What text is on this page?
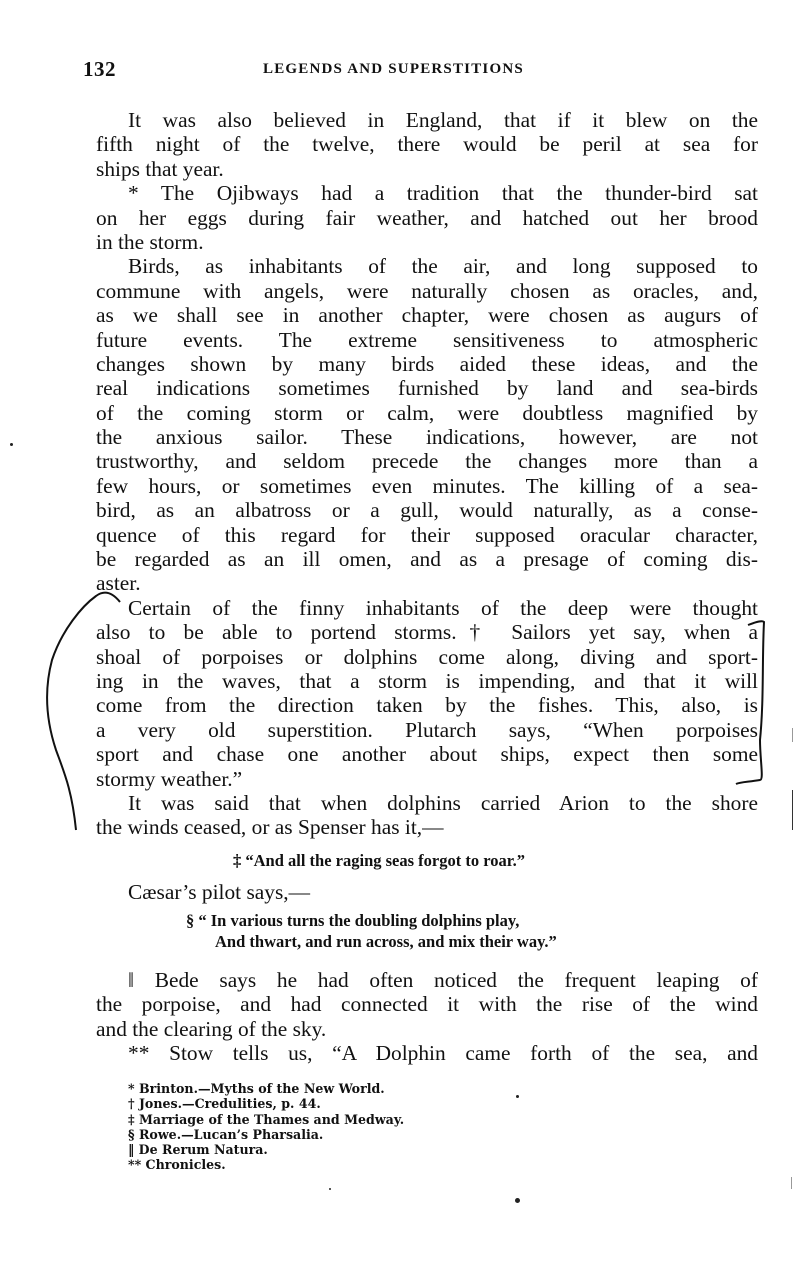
132	LEGENDS AND SUPERSTITIONS
It was also believed in England, that if it blew on the
fifth night of the twelve, there would be peril at sea for
ships that year.
* The Ojibways had a tradition that the thunder-bird sat
on her eggs during fair weather, and hatched out her brood
in the storm.
Birds, as inhabitants of the air, and long supposed to
commune with angels, were naturally chosen as oracles, and,
as we shall see in another chapter, were chosen as augurs of
future events. The extreme sensitiveness to atmospheric
changes shown by many birds aided these ideas, and the
real indications sometimes furnished by land and sea-birds
of the coming storm or calm, were doubtless magnified by
the anxious sailor. These indications, however, are not
trustworthy, and seldom precede the changes more than a
few hours, or sometimes even minutes. The killing of a sea-
bird, as an albatross or a gull, would naturally, as a conse-
quence of this regard for their supposed oracular character,
be regarded as an ill omen, and as a presage of coming dis-
aster.
Certain of the finny inhabitants of the deep were thought
also to be able to portend storms.† Sailors yet say, when a
shoal of porpoises or dolphins come along, diving and sport-
ing in the waves, that a storm is impending, and that it will
come from the direction taken by the fishes. This, also, is
a very old superstition. Plutarch says, “When porpoises
sport and chase one another about ships, expect then some
stormy weather.”
It was said that when dolphins carried Arion to the shore
the winds ceased, or as Spenser has it,—
‡ “And all the raging seas forgot to roar.”
Cæsar’s pilot says,—
§ “ In various turns the doubling dolphins play,
And thwart, and run across, and mix their way.”
‖ Bede says he had often noticed the frequent leaping of
the porpoise, and had connected it with the rise of the wind
and the clearing of the sky.
** Stow tells us, “A Dolphin came forth of the sea, and
* Brinton.—Myths of the New World.
† Jones.—Credulities, p. 44.
‡ Marriage of the Thames and Medway.
§ Rowe.—Lucan’s Pharsalia.
‖ De Rerum Natura.
** Chronicles.
